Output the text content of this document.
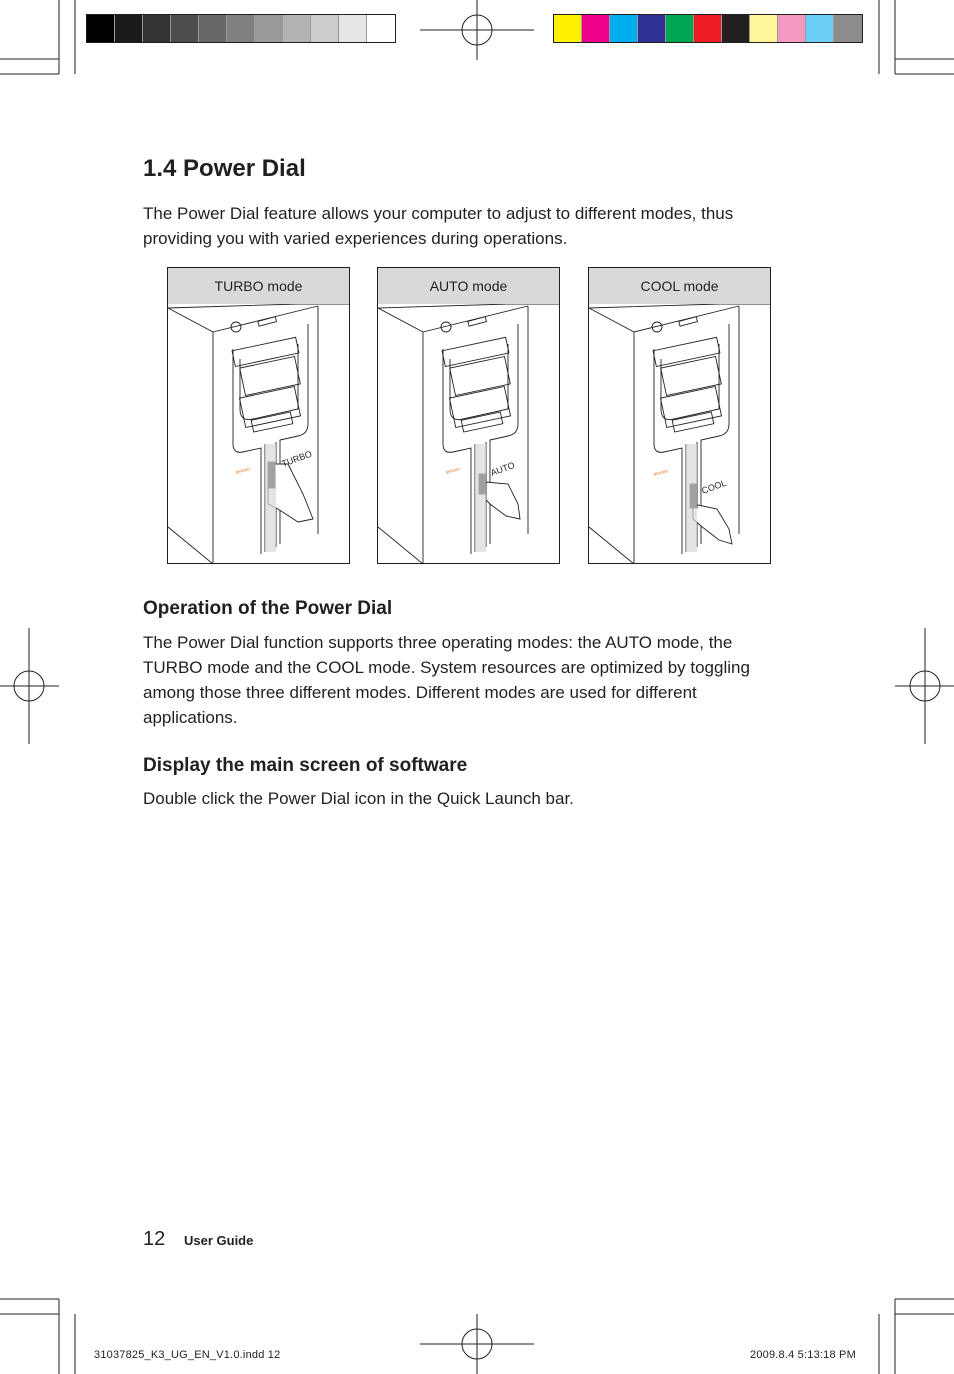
1.4 Power Dial

The Power Dial feature allows your computer to adjust to different modes, thus providing you with varied experiences during operations.

TURBO mode
TURBO
lenovo
AUTO mode
AUTO
lenovo
COOL mode
COOL
lenovo
Operation of the Power Dial

The Power Dial function supports three operating modes: the AUTO mode, the TURBO mode and the COOL mode. System resources are optimized by toggling among those three different modes. Different modes are used for different applications.

Display the main screen of software

Double click the Power Dial icon in the Quick Launch bar.

12 User Guide
31037825_K3_UG_EN_V1.0.indd 12	2009.8.4 5:13:18 PM
